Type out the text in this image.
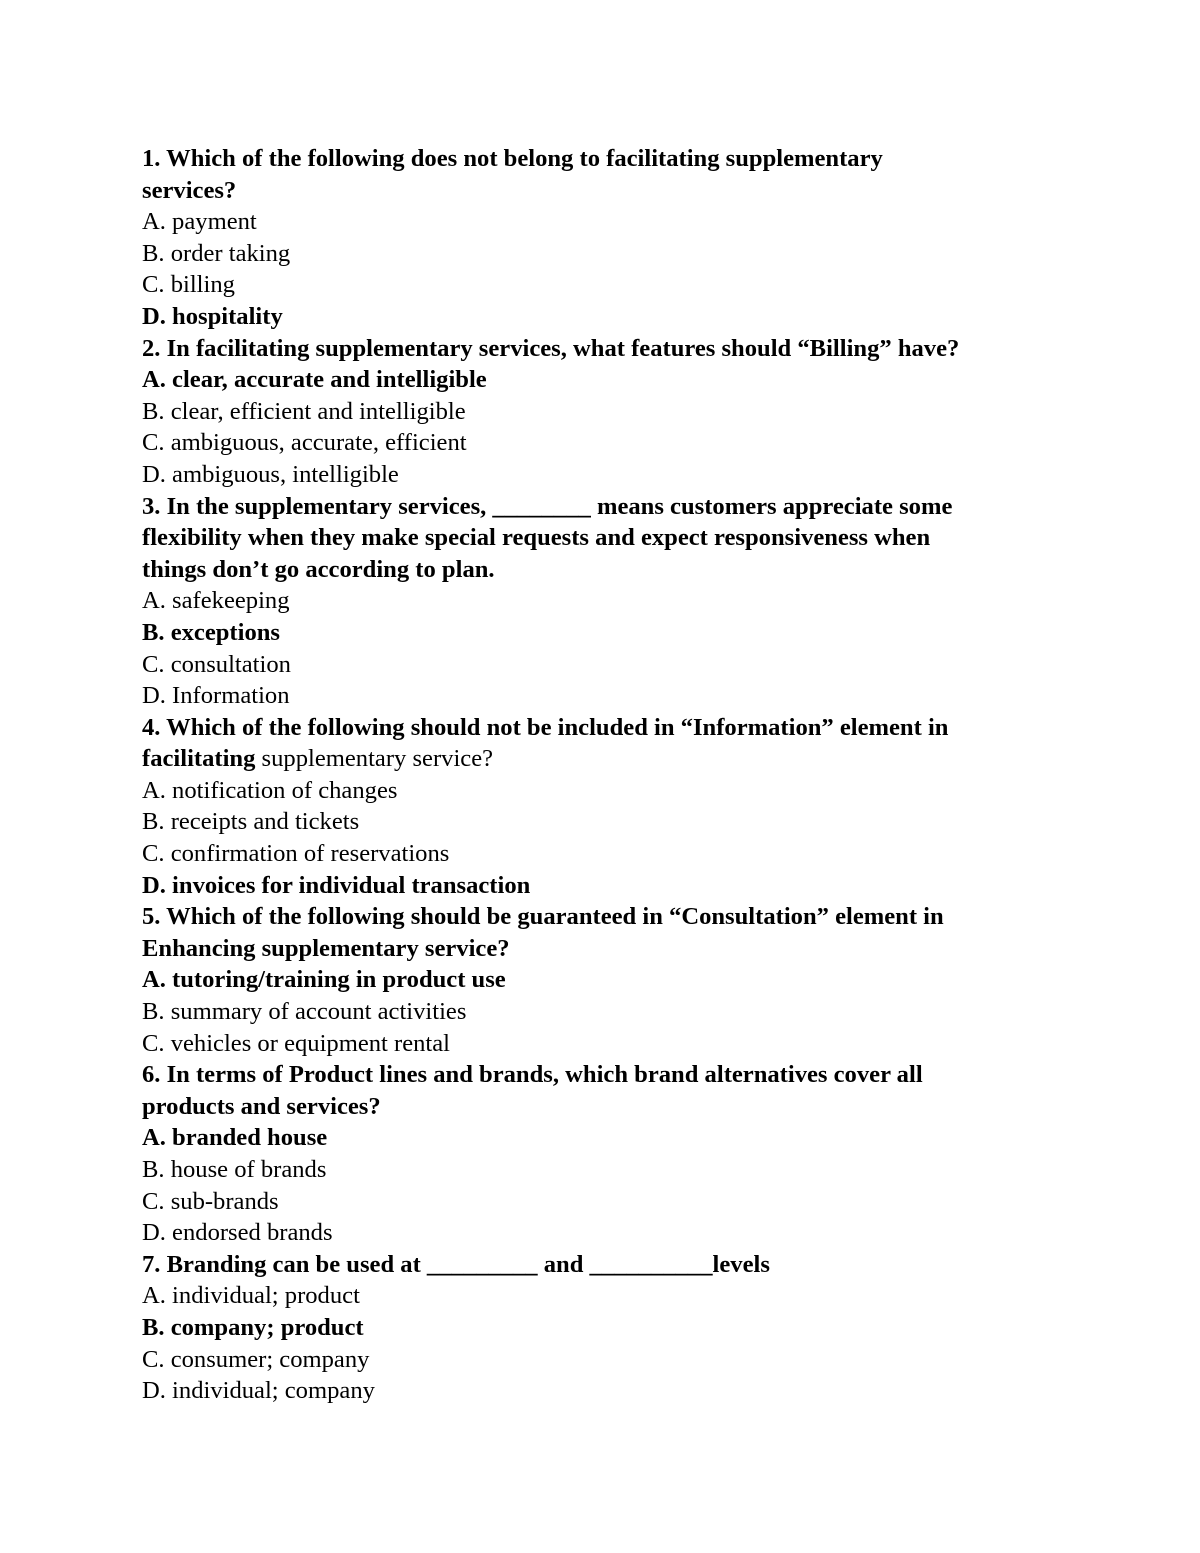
1. Which of the following does not belong to facilitating supplementary
services?
A. payment
B. order taking
C. billing
D. hospitality
2. In facilitating supplementary services, what features should “Billing” have?
A. clear, accurate and intelligible
B. clear, efficient and intelligible
C. ambiguous, accurate, efficient
D. ambiguous, intelligible
3. In the supplementary services, ________ means customers appreciate some
flexibility when they make special requests and expect responsiveness when
things don’t go according to plan.
A. safekeeping
B. exceptions
C. consultation
D. Information
4. Which of the following should not be included in “Information” element in
facilitating supplementary service?
A. notification of changes
B. receipts and tickets
C. confirmation of reservations
D. invoices for individual transaction
5. Which of the following should be guaranteed in “Consultation” element in
Enhancing supplementary service?
A. tutoring/training in product use
B. summary of account activities
C. vehicles or equipment rental
6. In terms of Product lines and brands, which brand alternatives cover all
products and services?
A. branded house
B. house of brands
C. sub-brands
D. endorsed brands
7. Branding can be used at _________ and __________levels
A. individual; product
B. company; product
C. consumer; company
D. individual; company
